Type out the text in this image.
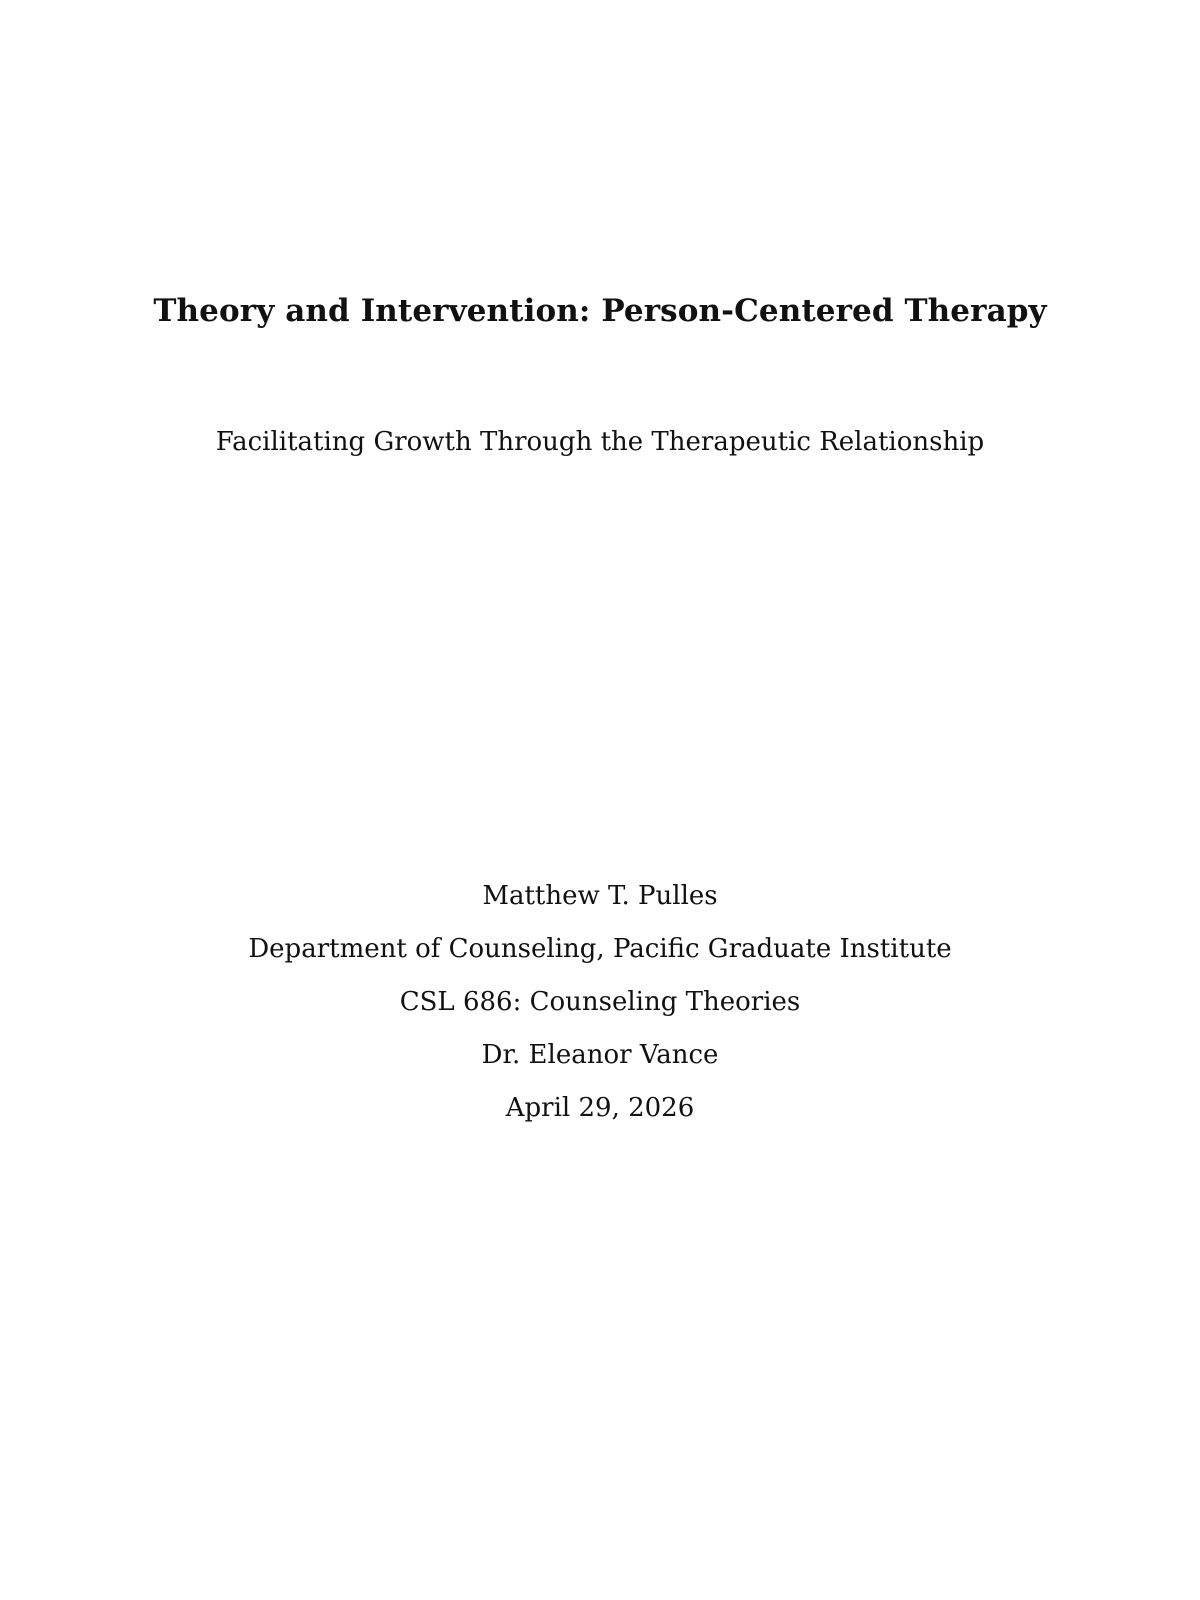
Theory and Intervention: Person-Centered Therapy

Facilitating Growth Through the Therapeutic Relationship

Matthew T. Pulles
Department of Counseling, Pacific Graduate Institute
CSL 686: Counseling Theories
Dr. Eleanor Vance
April 29, 2026
